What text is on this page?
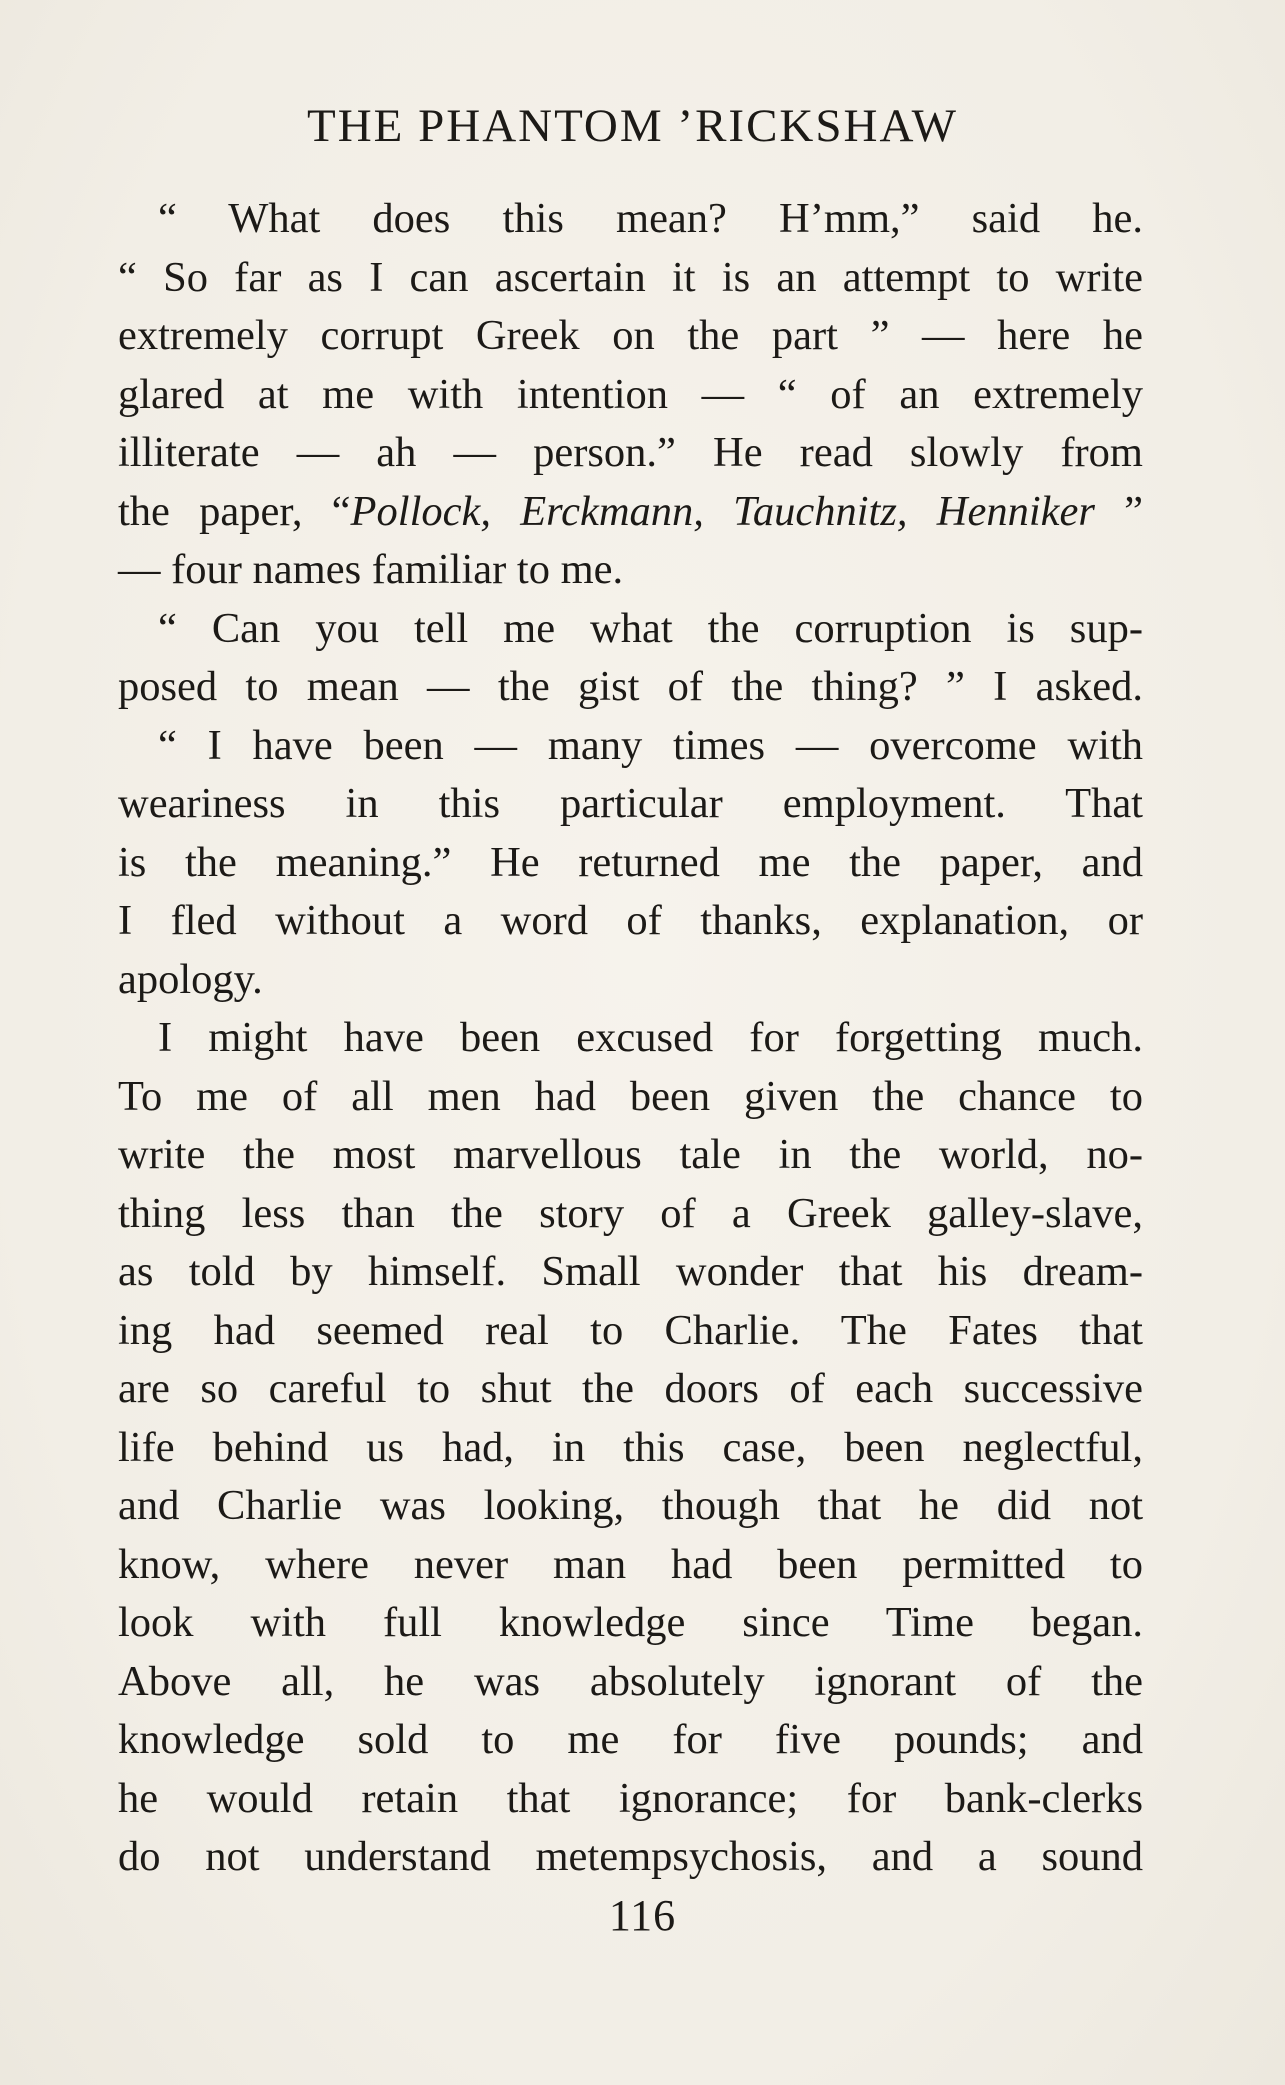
THE PHANTOM ’RICKSHAW
“ What does this mean? H’mm,” said he.
“ So far as I can ascertain it is an attempt to write
extremely corrupt Greek on the part ” — here he
glared at me with intention — “ of an extremely
illiterate — ah — person.” He read slowly from
the paper, “Pollock, Erckmann, Tauchnitz, Henniker ”
— four names familiar to me.
“ Can you tell me what the corruption is sup-
posed to mean — the gist of the thing? ” I asked.
“ I have been — many times — overcome with
weariness in this particular employment. That
is the meaning.” He returned me the paper, and
I fled without a word of thanks, explanation, or
apology.
I might have been excused for forgetting much.
To me of all men had been given the chance to
write the most marvellous tale in the world, no-
thing less than the story of a Greek galley-slave,
as told by himself. Small wonder that his dream-
ing had seemed real to Charlie. The Fates that
are so careful to shut the doors of each successive
life behind us had, in this case, been neglectful,
and Charlie was looking, though that he did not
know, where never man had been permitted to
look with full knowledge since Time began.
Above all, he was absolutely ignorant of the
knowledge sold to me for five pounds; and
he would retain that ignorance; for bank-clerks
do not understand metempsychosis, and a sound
116
